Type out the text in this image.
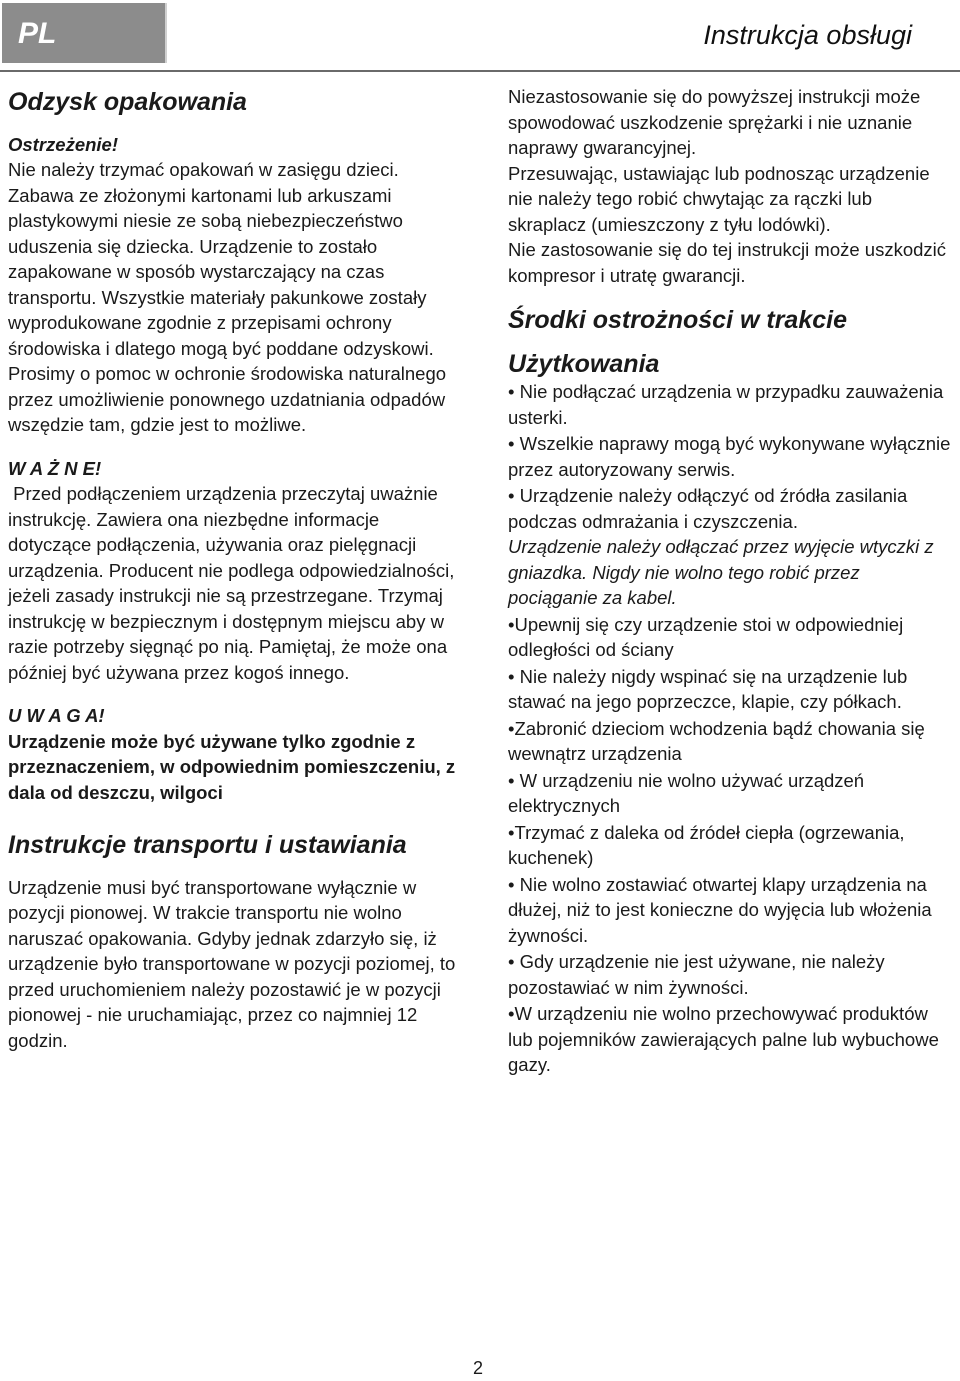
PL	Instrukcja obsługi

Odzysk opakowania

Ostrzeżenie!

Nie należy trzymać opakowań w zasięgu dzieci. Zabawa ze złożonymi kartonami lub arkuszami plastykowymi niesie ze sobą niebezpieczeństwo uduszenia się dziecka. Urządzenie to zostało zapakowane w sposób wystarczający na czas transportu. Wszystkie materiały pakunkowe zostały wyprodukowane zgodnie z przepisami ochrony środowiska i dlatego mogą być poddane odzyskowi. Prosimy o pomoc w ochronie środowiska naturalnego przez umożliwienie ponownego uzdatniania odpadów wszędzie tam, gdzie jest to możliwe.

W A Ż N E!

Przed podłączeniem urządzenia przeczytaj uważnie instrukcję. Zawiera ona niezbędne informacje dotyczące podłączenia, używania oraz pielęgnacji urządzenia. Producent nie podlega odpowiedzialności, jeżeli zasady instrukcji nie są przestrzegane. Trzymaj instrukcję w bezpiecznym i dostępnym miejscu aby w razie potrzeby sięgnąć po nią. Pamiętaj, że może ona później być używana przez kogoś innego.

U W A G A!

Urządzenie może być używane tylko zgodnie z przeznaczeniem, w odpowiednim pomieszczeniu, z dala od deszczu, wilgoci

Instrukcje transportu i ustawiania

Urządzenie musi być transportowane wyłącznie w pozycji pionowej. W trakcie transportu nie wolno naruszać opakowania. Gdyby jednak zdarzyło się, iż urządzenie było transportowane w pozycji poziomej, to przed uruchomieniem należy pozostawić je w pozycji pionowej - nie uruchamiając, przez co najmniej 12 godzin.

Niezastosowanie się do powyższej instrukcji może spowodować uszkodzenie sprężarki i nie uznanie naprawy gwarancyjnej.

Przesuwając, ustawiając lub podnosząc urządzenie nie należy tego robić chwytając za rączki lub skraplacz (umieszczony z tyłu lodówki).

Nie zastosowanie się do tej instrukcji może uszkodzić kompresor i utratę gwarancji.

Środki ostrożności w trakcie

Użytkowania

• Nie podłączać urządzenia w przypadku zauważenia usterki.
• Wszelkie naprawy mogą być wykonywane wyłącznie przez autoryzowany serwis.
• Urządzenie należy odłączyć od źródła zasilania podczas odmrażania i czyszczenia.
Urządzenie należy odłączać przez wyjęcie wtyczki z gniazdka. Nigdy nie wolno tego robić przez pociąganie za kabel.
•Upewnij się czy urządzenie stoi w odpowiedniej odległości od ściany
• Nie należy nigdy wspinać się na urządzenie lub stawać na jego poprzeczce, klapie, czy półkach.
•Zabronić dzieciom wchodzenia bądź chowania się wewnątrz urządzenia
• W urządzeniu nie wolno używać urządzeń elektrycznych
•Trzymać z daleka od źródeł ciepła (ogrzewania, kuchenek)
• Nie wolno zostawiać otwartej klapy urządzenia na dłużej, niż to jest konieczne do wyjęcia lub włożenia żywności.
• Gdy urządzenie nie jest używane, nie należy pozostawiać w nim żywności.
•W urządzeniu nie wolno przechowywać produktów lub pojemników zawierających palne lub wybuchowe gazy.
2
